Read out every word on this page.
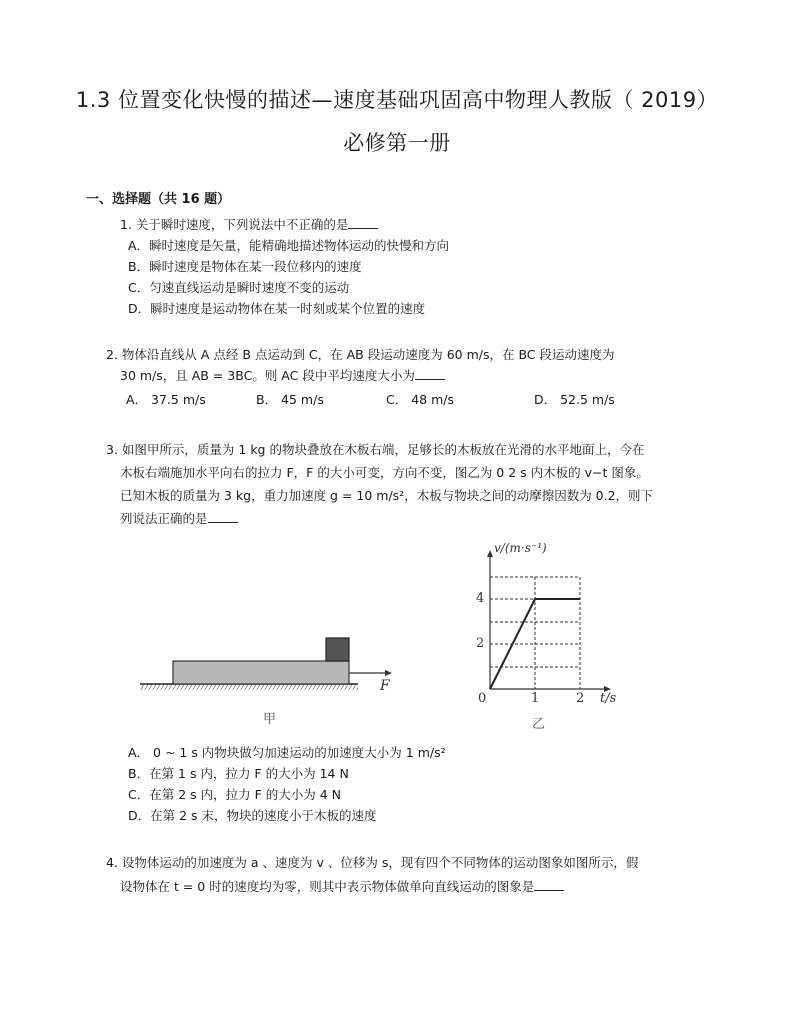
1.3 位置变化快慢的描述—速度基础巩固高中物理人教版（ 2019）
必修第一册
一、选择题（共 16 题）
1. 关于瞬时速度，下列说法中不正确的是
A．瞬时速度是矢量，能精确地描述物体运动的快慢和方向
B．瞬时速度是物体在某一段位移内的速度
C．匀速直线运动是瞬时速度不变的运动
D．瞬时速度是运动物体在某一时刻或某个位置的速度
2. 物体沿直线从 A 点经 B 点运动到 C，在 AB 段运动速度为 60 m/s，在 BC 段运动速度为
30 m/s，且 AB = 3BC。则 AC 段中平均速度大小为
A． 37.5 m/s	B． 45 m/s	C． 48 m/s	D． 52.5 m/s
3. 如图甲所示，质量为 1 kg 的物块叠放在木板右端，足够长的木板放在光滑的水平地面上，今在
木板右端施加水平向右的拉力 F，F 的大小可变，方向不变，图乙为 0 2 s 内木板的 v−t 图象。
已知木板的质量为 3 kg，重力加速度 g = 10 m/s²，木板与物块之间的动摩擦因数为 0.2，则下
列说法正确的是
F
甲
v/(m·s⁻¹)
4
2
0	1	2 t/s
乙
A． 0 ~ 1 s 内物块做匀加速运动的加速度大小为 1 m/s²
B．在第 1 s 内，拉力 F 的大小为 14 N
C．在第 2 s 内，拉力 F 的大小为 4 N
D．在第 2 s 末，物块的速度小于木板的速度
4. 设物体运动的加速度为 a 、速度为 v 、位移为 s，现有四个不同物体的运动图象如图所示，假
设物体在 t = 0 时的速度均为零，则其中表示物体做单向直线运动的图象是
